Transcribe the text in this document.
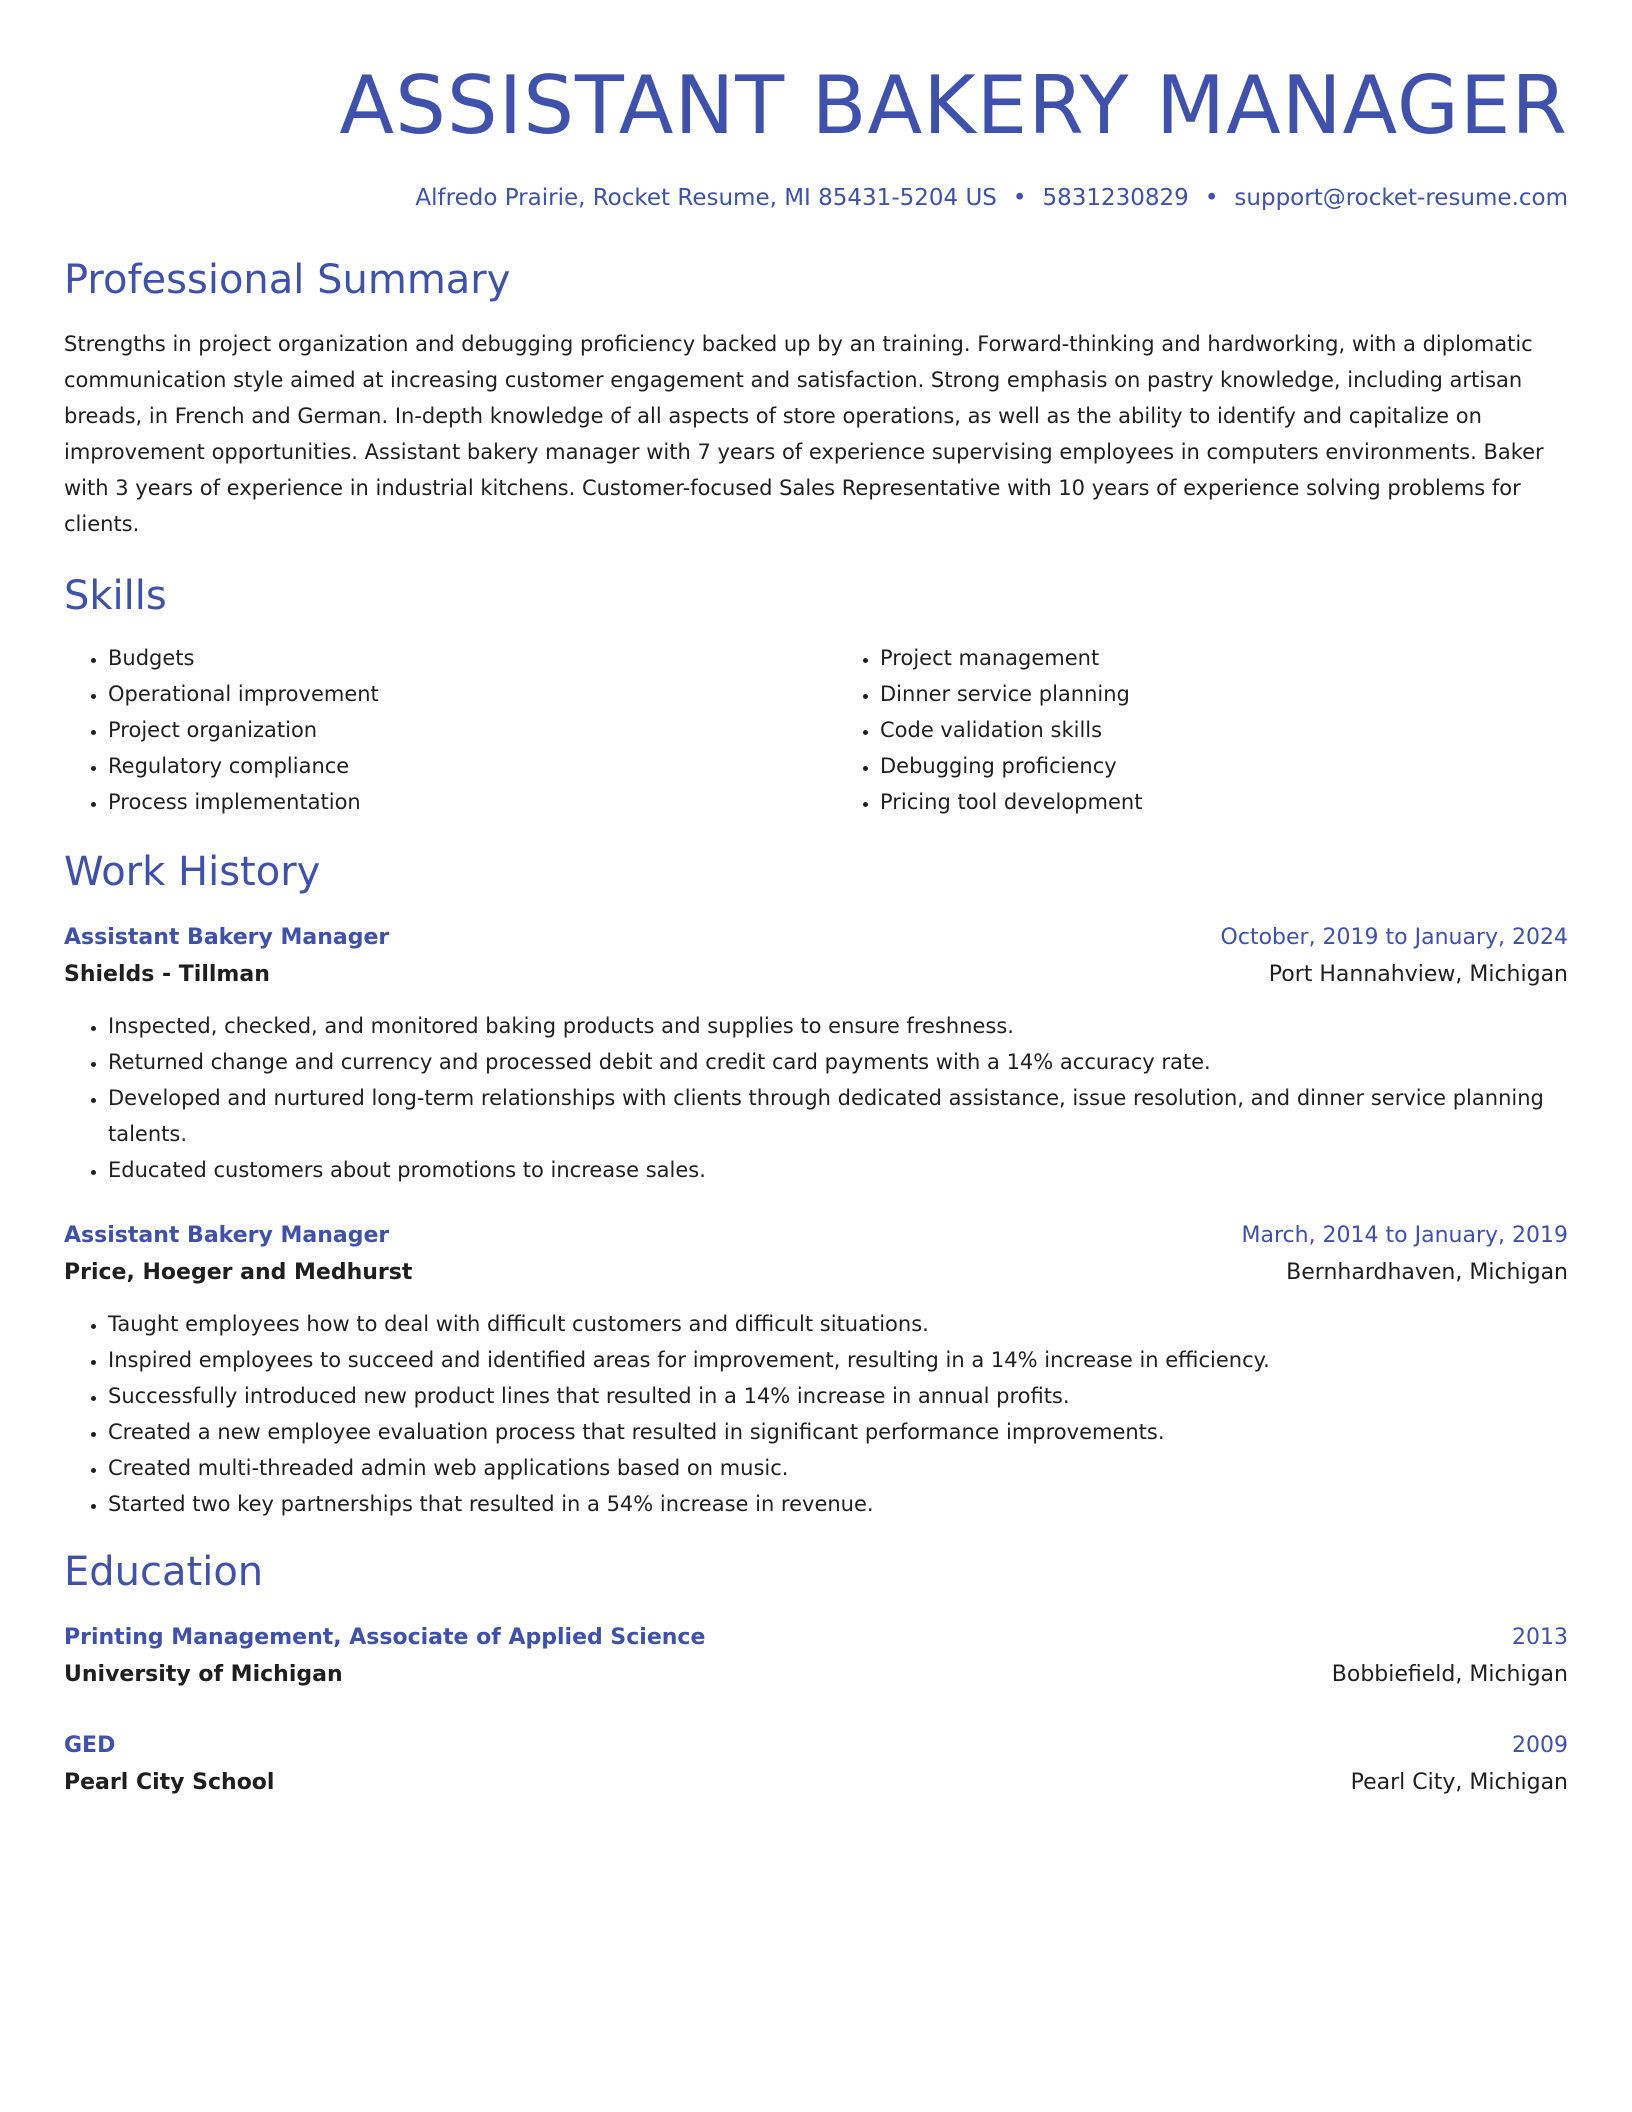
ASSISTANT BAKERY MANAGER
Alfredo Prairie, Rocket Resume, MI 85431-5204 US • 5831230829 • support@rocket-resume.com
Professional Summary
Strengths in project organization and debugging proficiency backed up by an training. Forward-thinking and hardworking, with a diplomatic communication style aimed at increasing customer engagement and satisfaction. Strong emphasis on pastry knowledge, including artisan breads, in French and German. In-depth knowledge of all aspects of store operations, as well as the ability to identify and capitalize on improvement opportunities. Assistant bakery manager with 7 years of experience supervising employees in computers environments. Baker with 3 years of experience in industrial kitchens. Customer-focused Sales Representative with 10 years of experience solving problems for clients.
Skills
• Budgets
• Operational improvement
• Project organization
• Regulatory compliance
• Process implementation
• Project management
• Dinner service planning
• Code validation skills
• Debugging proficiency
• Pricing tool development
Work History
Assistant Bakery Manager	October, 2019 to January, 2024
Shields - Tillman	Port Hannahview, Michigan
• Inspected, checked, and monitored baking products and supplies to ensure freshness.
• Returned change and currency and processed debit and credit card payments with a 14% accuracy rate.
• Developed and nurtured long-term relationships with clients through dedicated assistance, issue resolution, and dinner service planning talents.
• Educated customers about promotions to increase sales.
Assistant Bakery Manager	March, 2014 to January, 2019
Price, Hoeger and Medhurst	Bernhardhaven, Michigan
• Taught employees how to deal with difficult customers and difficult situations.
• Inspired employees to succeed and identified areas for improvement, resulting in a 14% increase in efficiency.
• Successfully introduced new product lines that resulted in a 14% increase in annual profits.
• Created a new employee evaluation process that resulted in significant performance improvements.
• Created multi-threaded admin web applications based on music.
• Started two key partnerships that resulted in a 54% increase in revenue.
Education
Printing Management, Associate of Applied Science	2013
University of Michigan	Bobbiefield, Michigan
GED	2009
Pearl City School	Pearl City, Michigan
